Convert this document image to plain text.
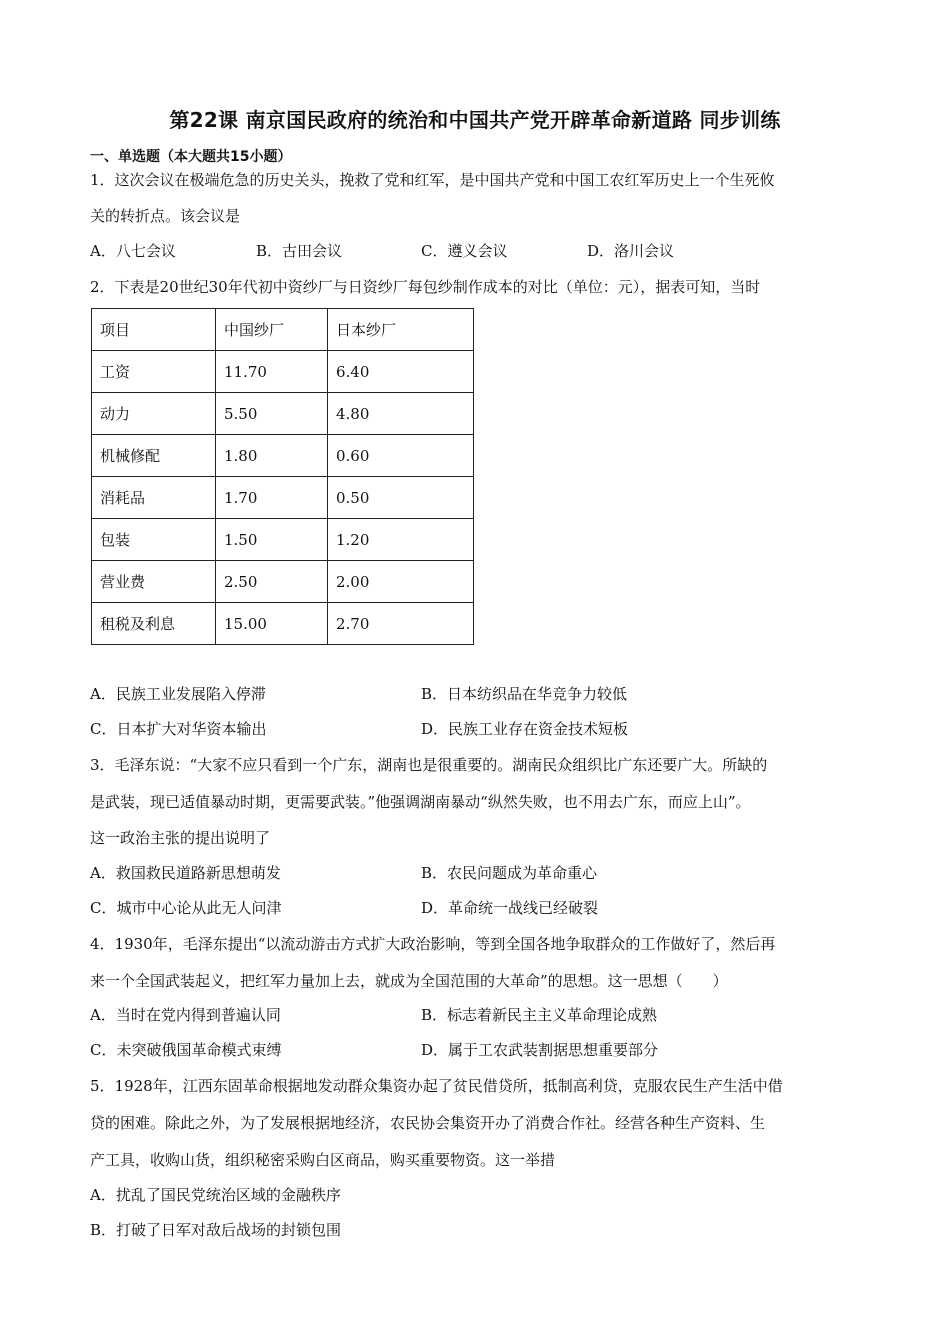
第22课 南京国民政府的统治和中国共产党开辟革命新道路 同步训练
一、单选题（本大题共15小题）
1．这次会议在极端危急的历史关头，挽救了党和红军，是中国共产党和中国工农红军历史上一个生死攸
关的转折点。该会议是
A．八七会议	B．古田会议	C．遵义会议	D．洛川会议
2．下表是20世纪30年代初中资纱厂与日资纱厂每包纱制作成本的对比（单位：元），据表可知，当时
项目	中国纱厂	日本纱厂
工资	11.70	6.40
动力	5.50	4.80
机械修配	1.80	0.60
消耗品	1.70	0.50
包装	1.50	1.20
营业费	2.50	2.00
租税及利息	15.00	2.70
A．民族工业发展陷入停滞	B．日本纺织品在华竞争力较低
C．日本扩大对华资本输出	D．民族工业存在资金技术短板
3．毛泽东说：“大家不应只看到一个广东，湖南也是很重要的。湖南民众组织比广东还要广大。所缺的
是武装，现已适值暴动时期，更需要武装。”他强调湖南暴动“纵然失败，也不用去广东，而应上山”。
这一政治主张的提出说明了
A．救国救民道路新思想萌发	B．农民问题成为革命重心
C．城市中心论从此无人问津	D．革命统一战线已经破裂
4．1930年，毛泽东提出“以流动游击方式扩大政治影响，等到全国各地争取群众的工作做好了，然后再
来一个全国武装起义，把红军力量加上去，就成为全国范围的大革命”的思想。这一思想（　　）
A．当时在党内得到普遍认同	B．标志着新民主主义革命理论成熟
C．未突破俄国革命模式束缚	D．属于工农武装割据思想重要部分
5．1928年，江西东固革命根据地发动群众集资办起了贫民借贷所，抵制高利贷，克服农民生产生活中借
贷的困难。除此之外，为了发展根据地经济，农民协会集资开办了消费合作社。经营各种生产资料、生
产工具，收购山货，组织秘密采购白区商品，购买重要物资。这一举措
A．扰乱了国民党统治区域的金融秩序
B．打破了日军对敌后战场的封锁包围
